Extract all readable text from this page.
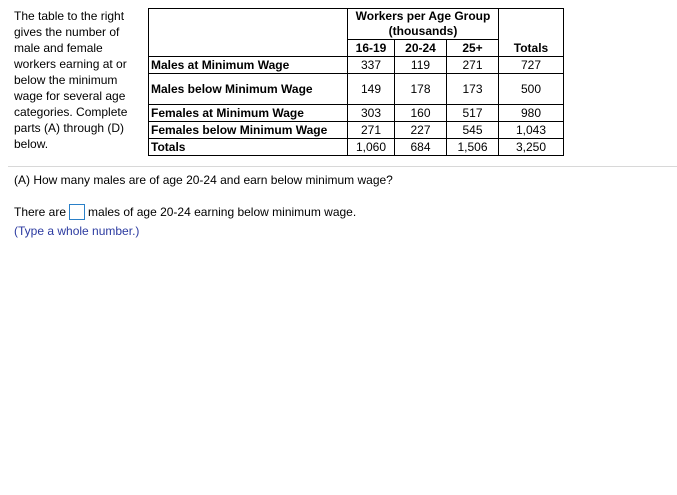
The table to the right
gives the number of
male and female
workers earning at or
below the minimum
wage for several age
categories. Complete
parts (A) through (D)
below.

	Workers per Age Group
(thousands)			

	16-19	20-24	25+	Totals
Males at Minimum Wage	337	119	271	727
Males below Minimum Wage	149	178	173	500
Females at Minimum Wage	303	160	517	980
Females below Minimum Wage	271	227	545	1,043
Totals	1,060	684	1,506	3,250
(A) How many males are of age 20-24 and earn below minimum wage?
There are males of age 20-24 earning below minimum wage.
(Type a whole number.)
